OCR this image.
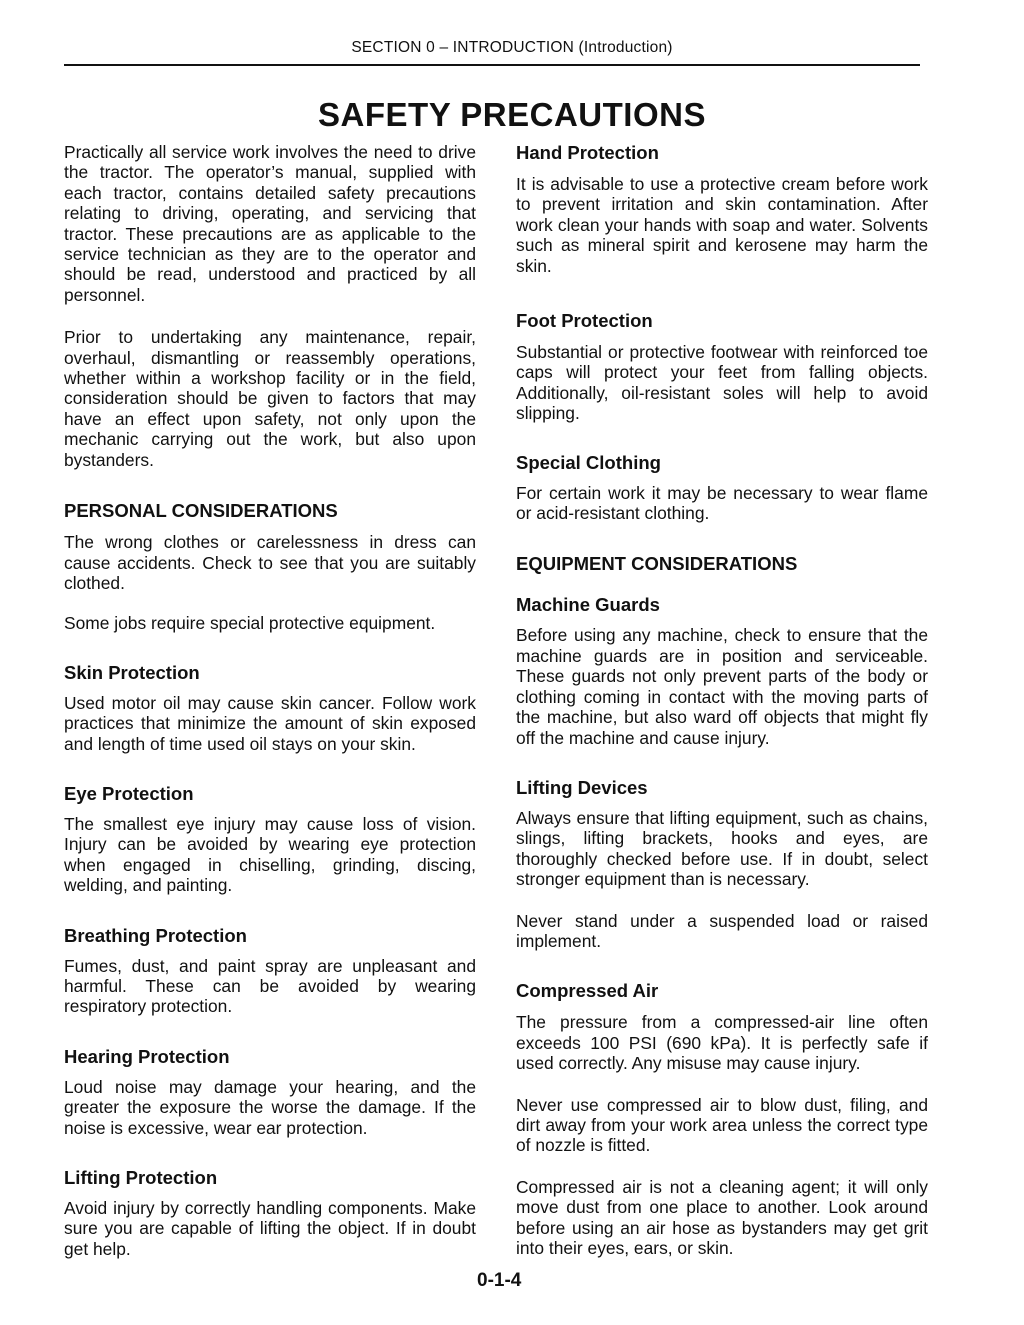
SECTION 0 – INTRODUCTION (Introduction)
SAFETY PRECAUTIONS

Practically all service work involves the need to drive the tractor. The operator’s manual, supplied with each tractor, contains detailed safety precautions relating to driving, operating, and servicing that tractor. These precautions are as applicable to the service technician as they are to the operator and should be read, understood and practiced by all personnel.

Prior to undertaking any maintenance, repair, overhaul, dismantling or reassembly operations, whether within a workshop facility or in the field, consideration should be given to factors that may have an effect upon safety, not only upon the mechanic carrying out the work, but also upon bystanders.

PERSONAL CONSIDERATIONS

The wrong clothes or carelessness in dress can cause accidents. Check to see that you are suitably clothed.

Some jobs require special protective equipment.

Skin Protection

Used motor oil may cause skin cancer. Follow work practices that minimize the amount of skin exposed and length of time used oil stays on your skin.

Eye Protection

The smallest eye injury may cause loss of vision. Injury can be avoided by wearing eye protection when engaged in chiselling, grinding, discing, welding, and painting.

Breathing Protection

Fumes, dust, and paint spray are unpleasant and harmful. These can be avoided by wearing respiratory protection.

Hearing Protection

Loud noise may damage your hearing, and the greater the exposure the worse the damage. If the noise is excessive, wear ear protection.

Lifting Protection

Avoid injury by correctly handling components. Make sure you are capable of lifting the object. If in doubt get help.

Hand Protection

It is advisable to use a protective cream before work to prevent irritation and skin contamination. After work clean your hands with soap and water. Solvents such as mineral spirit and kerosene may harm the skin.

Foot Protection

Substantial or protective footwear with reinforced toe caps will protect your feet from falling objects. Additionally, oil-resistant soles will help to avoid slipping.

Special Clothing

For certain work it may be necessary to wear flame or acid-resistant clothing.

EQUIPMENT CONSIDERATIONS
Machine Guards

Before using any machine, check to ensure that the machine guards are in position and serviceable. These guards not only prevent parts of the body or clothing coming in contact with the moving parts of the machine, but also ward off objects that might fly off the machine and cause injury.

Lifting Devices

Always ensure that lifting equipment, such as chains, slings, lifting brackets, hooks and eyes, are thoroughly checked before use. If in doubt, select stronger equipment than is necessary.

Never stand under a suspended load or raised implement.

Compressed Air

The pressure from a compressed-air line often exceeds 100 PSI (690 kPa). It is perfectly safe if used correctly. Any misuse may cause injury.

Never use compressed air to blow dust, filing, and dirt away from your work area unless the correct type of nozzle is fitted.

Compressed air is not a cleaning agent; it will only move dust from one place to another. Look around before using an air hose as bystanders may get grit into their eyes, ears, or skin.

0-1-4
